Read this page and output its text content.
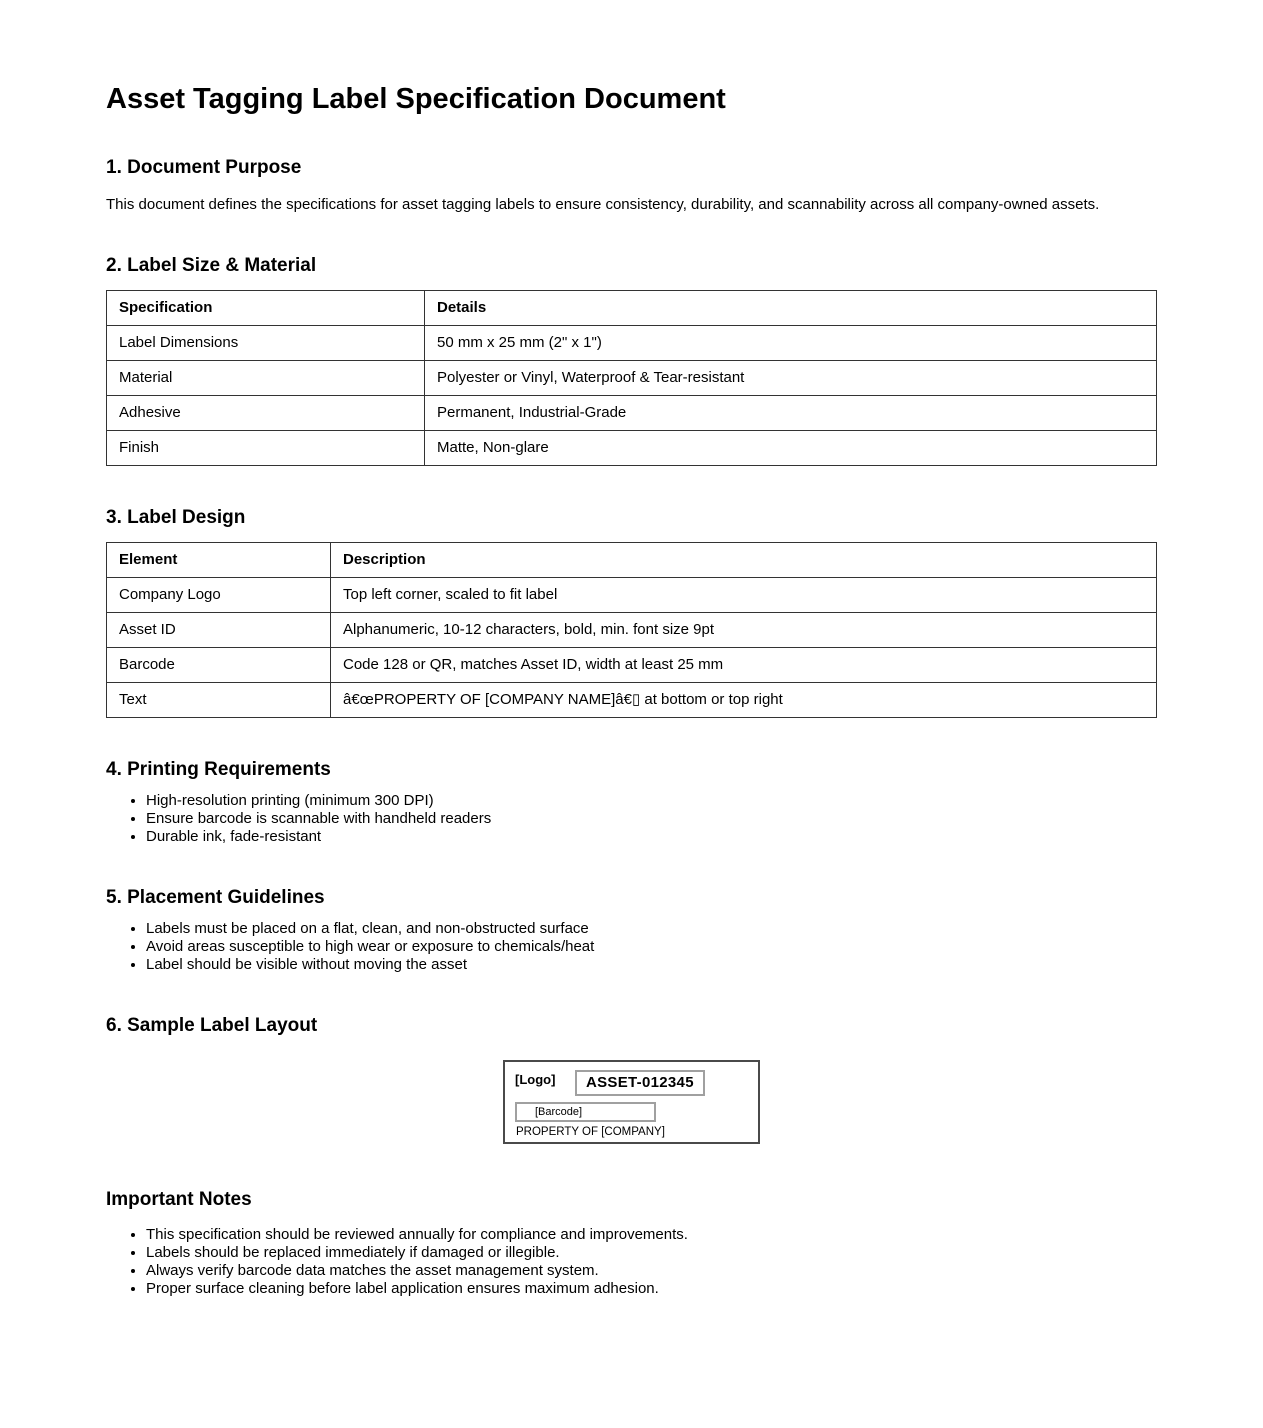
Asset Tagging Label Specification Document
1. Document Purpose

This document defines the specifications for asset tagging labels to ensure consistency, durability, and scannability across all company-owned assets.

2. Label Size & Material
Specification	Details
Label Dimensions	50 mm x 25 mm (2" x 1")
Material	Polyester or Vinyl, Waterproof & Tear-resistant
Adhesive	Permanent, Industrial-Grade
Finish	Matte, Non-glare
3. Label Design
Element	Description
Company Logo	Top left corner, scaled to fit label
Asset ID	Alphanumeric, 10-12 characters, bold, min. font size 9pt
Barcode	Code 128 or QR, matches Asset ID, width at least 25 mm
Text	â€œPROPERTY OF [COMPANY NAME]â€▯ at bottom or top right
4. Printing Requirements
• High-resolution printing (minimum 300 DPI)
• Ensure barcode is scannable with handheld readers
• Durable ink, fade-resistant
5. Placement Guidelines
• Labels must be placed on a flat, clean, and non-obstructed surface
• Avoid areas susceptible to high wear or exposure to chemicals/heat
• Label should be visible without moving the asset
6. Sample Label Layout
[Logo]	ASSET-012345
[Barcode]
PROPERTY OF [COMPANY]
Important Notes
• This specification should be reviewed annually for compliance and improvements.
• Labels should be replaced immediately if damaged or illegible.
• Always verify barcode data matches the asset management system.
• Proper surface cleaning before label application ensures maximum adhesion.
